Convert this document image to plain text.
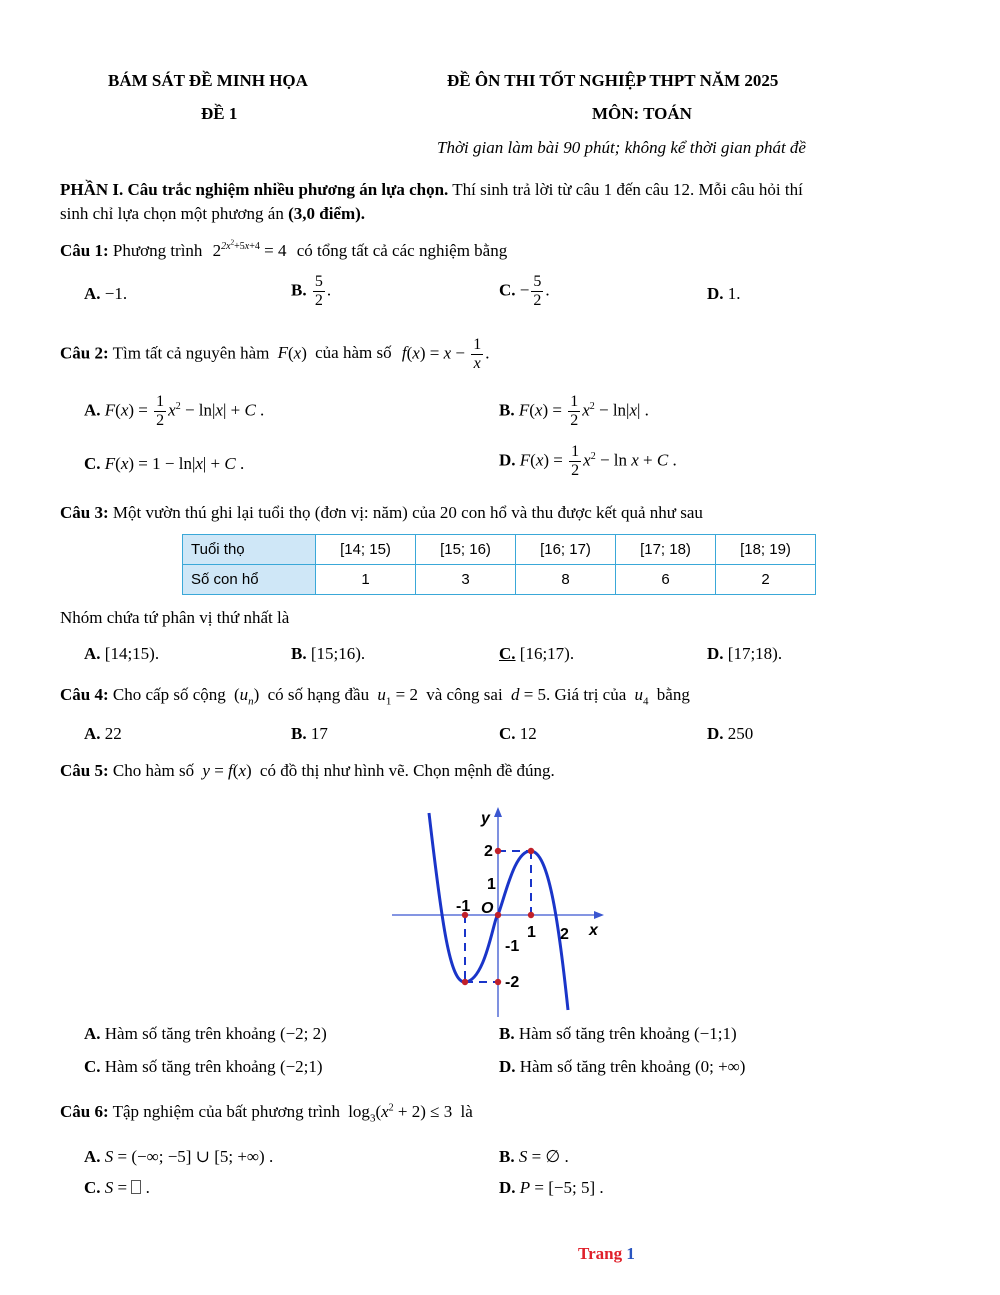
BÁM SÁT ĐỀ MINH HỌA
ĐỀ 1
ĐỀ ÔN THI TỐT NGHIỆP THPT NĂM 2025
MÔN: TOÁN
Thời gian làm bài 90 phút; không kể thời gian phát đề
PHẦN I. Câu trắc nghiệm nhiều phương án lựa chọn. Thí sinh trả lời từ câu 1 đến câu 12. Mỗi câu hỏi thí
sinh chỉ lựa chọn một phương án (3,0 điểm).
Câu 1: Phương trình $2^{2x^2+5x+4} = 4$ có tổng tất cả các nghiệm bằng
A. −1.	B. $\frac{5}{2}$ .	C. − $\frac{5}{2}$ .	D. 1.
Câu 2: Tìm tất cả nguyên hàm F(x) của hàm số $f(x) = x - \frac{1}{x}$ .
A. $F(x) = \frac{1}{2} x^2 - \ln|x| + C$ .	B. $F(x) = \frac{1}{2} x^2 - \ln|x|$ .
C. F(x) = 1 − ln|x| + C .	D. $F(x) = \frac{1}{2} x^2 - \ln x + C$ .
Câu 3: Một vườn thú ghi lại tuổi thọ (đơn vị: năm) của 20 con hổ và thu được kết quả như sau
Tuổi thọ	[14; 15)	[15; 16)	[16; 17)	[17; 18)	[18; 19)
Số con hổ	1	3	8	6	2
Nhóm chứa tứ phân vị thứ nhất là
A. [14;15).	B. [15;16).	C. [16;17).	D. [17;18).
Câu 4: Cho cấp số cộng $(u_n)$ có số hạng đầu $u_1 = 2$ và công sai d = 5. Giá trị của $u_4$ bằng
A. 22	B. 17	C. 12	D. 250
Câu 5: Cho hàm số y = f(x) có đồ thị như hình vẽ. Chọn mệnh đề đúng.
y
x
O
2
1
-1
1 2
-1
-2
A. Hàm số tăng trên khoảng (−2; 2)	B. Hàm số tăng trên khoảng (−1;1)
C. Hàm số tăng trên khoảng (−2;1)	D. Hàm số tăng trên khoảng (0; +∞)
Câu 6: Tập nghiệm của bất phương trình $\log_3(x^2 + 2) \le 3$ là
A. S = (−∞; −5] ∪ [5; +∞) .	B. S = ∅ .
C. S =  .	D. P = [−5; 5] .
Trang 1
